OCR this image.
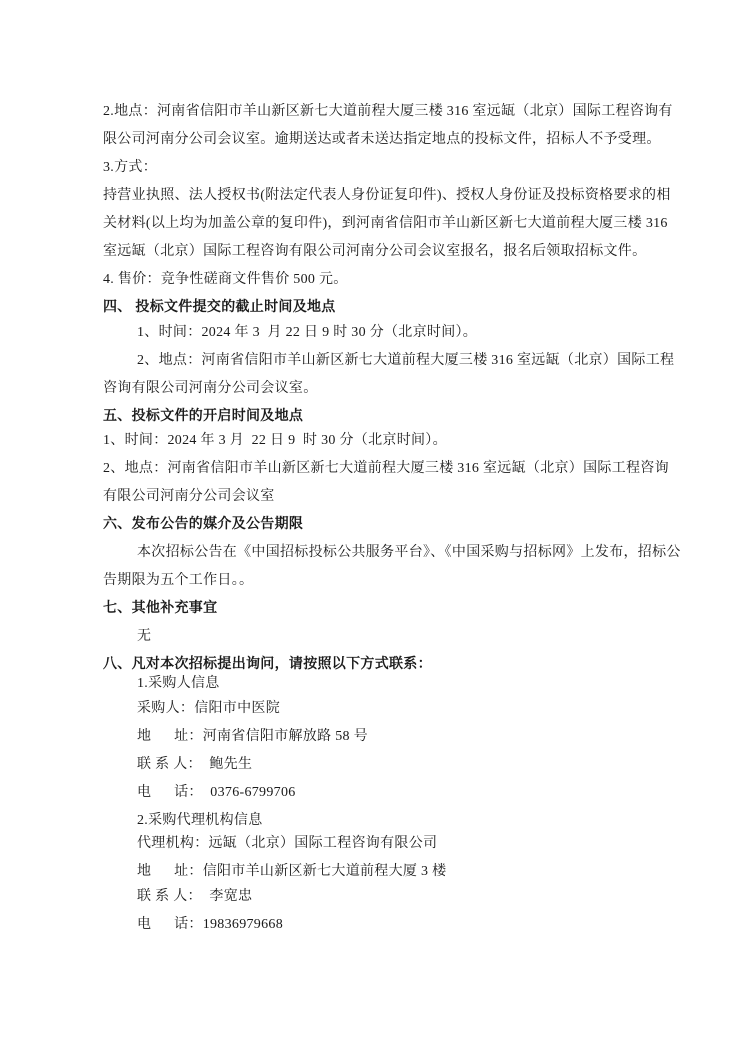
2.地点：河南省信阳市羊山新区新七大道前程大厦三楼 316 室远缻（北京）国际工程咨询有

限公司河南分公司会议室。逾期送达或者未送达指定地点的投标文件，招标人不予受理。

3.方式：

持营业执照、法人授权书(附法定代表人身份证复印件)、授权人身份证及投标资格要求的相

关材料(以上均为加盖公章的复印件)，到河南省信阳市羊山新区新七大道前程大厦三楼 316

室远缻（北京）国际工程咨询有限公司河南分公司会议室报名，报名后领取招标文件。

4. 售价：竞争性磋商文件售价 500 元。

四、 投标文件提交的截止时间及地点

1、时间：2024 年 3  月 22 日 9 时 30 分（北京时间）。

2、地点：河南省信阳市羊山新区新七大道前程大厦三楼 316 室远缻（北京）国际工程

咨询有限公司河南分公司会议室。

五、投标文件的开启时间及地点

1、时间：2024 年 3 月  22 日 9  时 30 分（北京时间）。

2、地点：河南省信阳市羊山新区新七大道前程大厦三楼 316 室远缻（北京）国际工程咨询

有限公司河南分公司会议室

六、发布公告的媒介及公告期限

本次招标公告在《中国招标投标公共服务平台》、《中国采购与招标网》上发布，招标公

告期限为五个工作日。。

七、其他补充事宜

无

八、凡对本次招标提出询问，请按照以下方式联系：

1.采购人信息

采购人：信阳市中医院

地      址：河南省信阳市解放路 58 号

联 系 人：  鲍先生

电      话：  0376-6799706

2.采购代理机构信息

代理机构：远缻（北京）国际工程咨询有限公司

地      址：信阳市羊山新区新七大道前程大厦 3 楼

联 系 人：  李宽忠

电      话：19836979668
